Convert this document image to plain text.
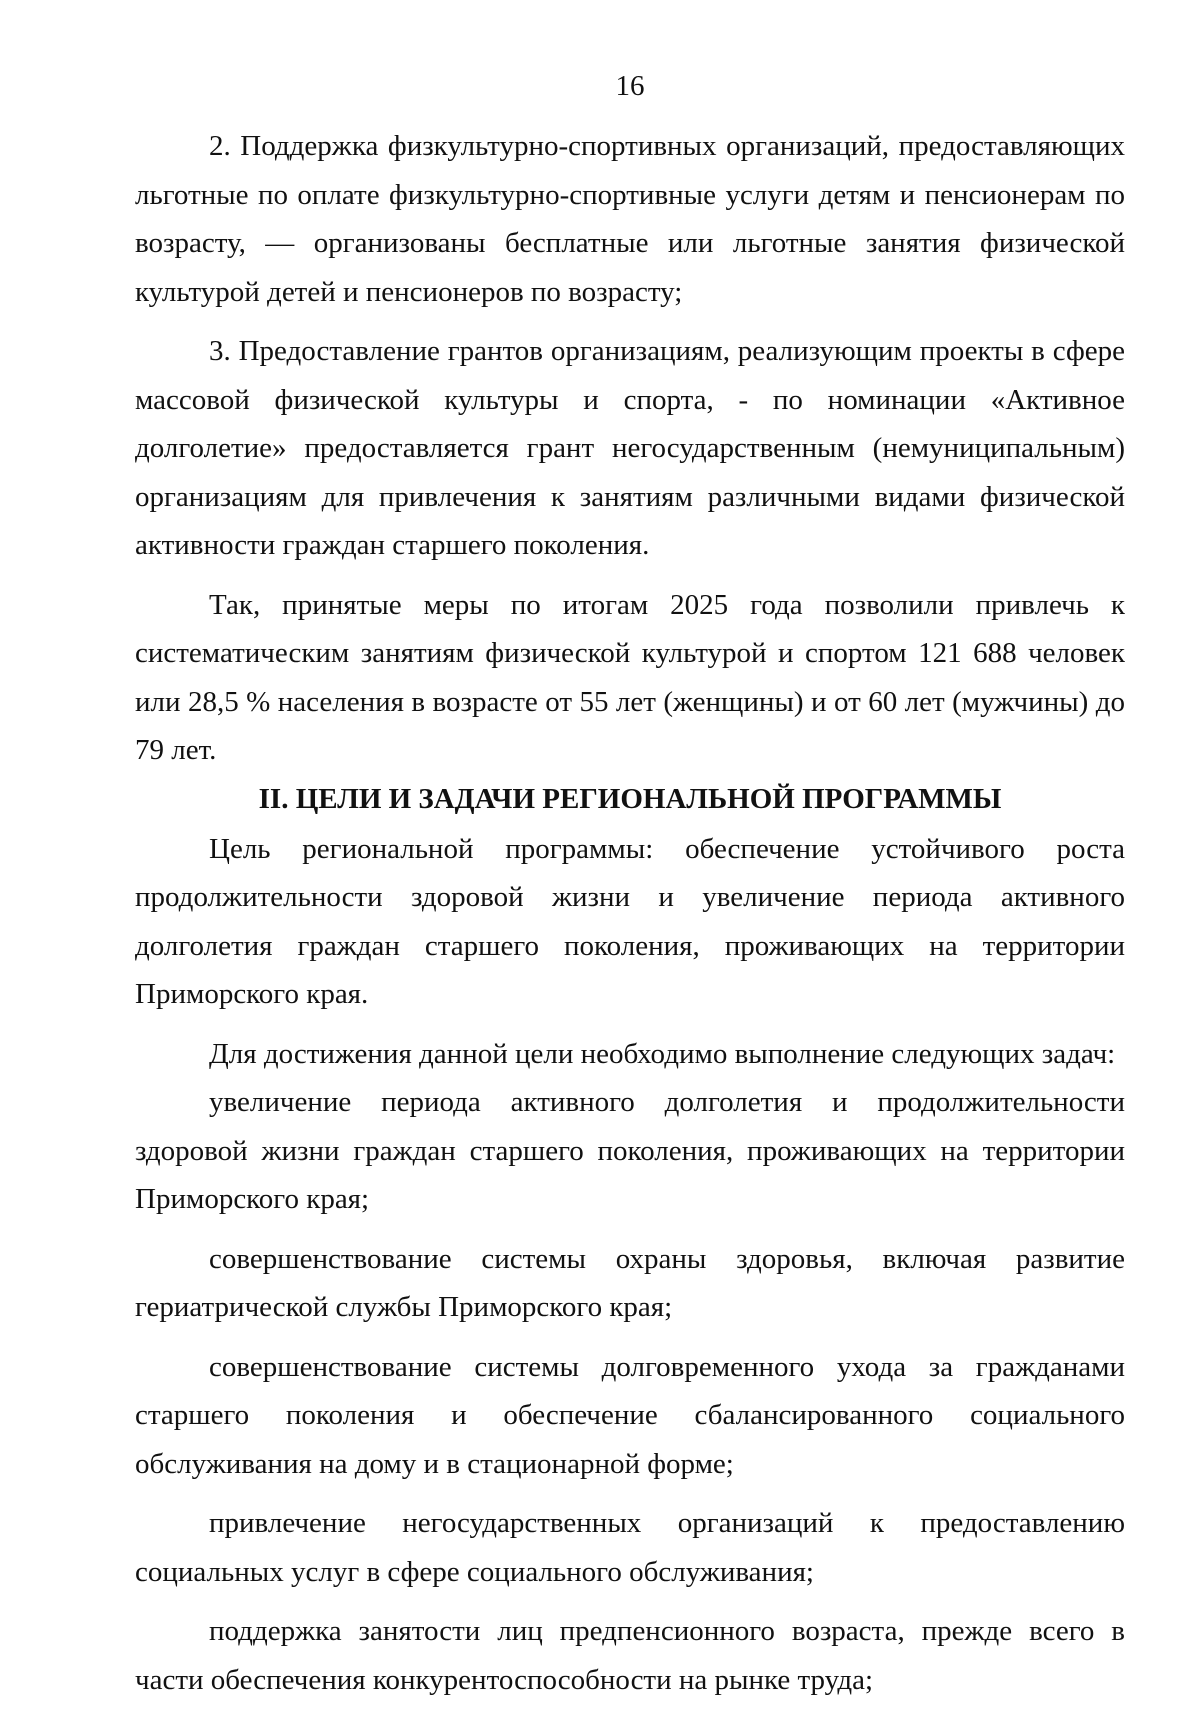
16

2. Поддержка физкультурно-спортивных организаций, предоставляющих льготные по оплате физкультурно-спортивные услуги детям и пенсионерам по возрасту, — организованы бесплатные или льготные занятия физической культурой детей и пенсионеров по возрасту;

3. Предоставление грантов организациям, реализующим проекты в сфере массовой физической культуры и спорта, - по номинации «Активное долголетие» предоставляется грант негосударственным (немуниципальным) организациям для привлечения к занятиям различными видами физической активности граждан старшего поколения.

Так, принятые меры по итогам 2025 года позволили привлечь к систематическим занятиям физической культурой и спортом 121 688 человек или 28,5 % населения в возрасте от 55 лет (женщины) и от 60 лет (мужчины) до 79 лет.

II. ЦЕЛИ И ЗАДАЧИ РЕГИОНАЛЬНОЙ ПРОГРАММЫ

Цель региональной программы: обеспечение устойчивого роста продолжительности здоровой жизни и увеличение периода активного долголетия граждан старшего поколения, проживающих на территории Приморского края.

Для достижения данной цели необходимо выполнение следующих задач:

увеличение периода активного долголетия и продолжительности здоровой жизни граждан старшего поколения, проживающих на территории Приморского края;

совершенствование системы охраны здоровья, включая развитие гериатрической службы Приморского края;

совершенствование системы долговременного ухода за гражданами старшего поколения и обеспечение сбалансированного социального обслуживания на дому и в стационарной форме;

привлечение негосударственных организаций к предоставлению социальных услуг в сфере социального обслуживания;

поддержка занятости лиц предпенсионного возраста, прежде всего в части обеспечения конкурентоспособности на рынке труда;
